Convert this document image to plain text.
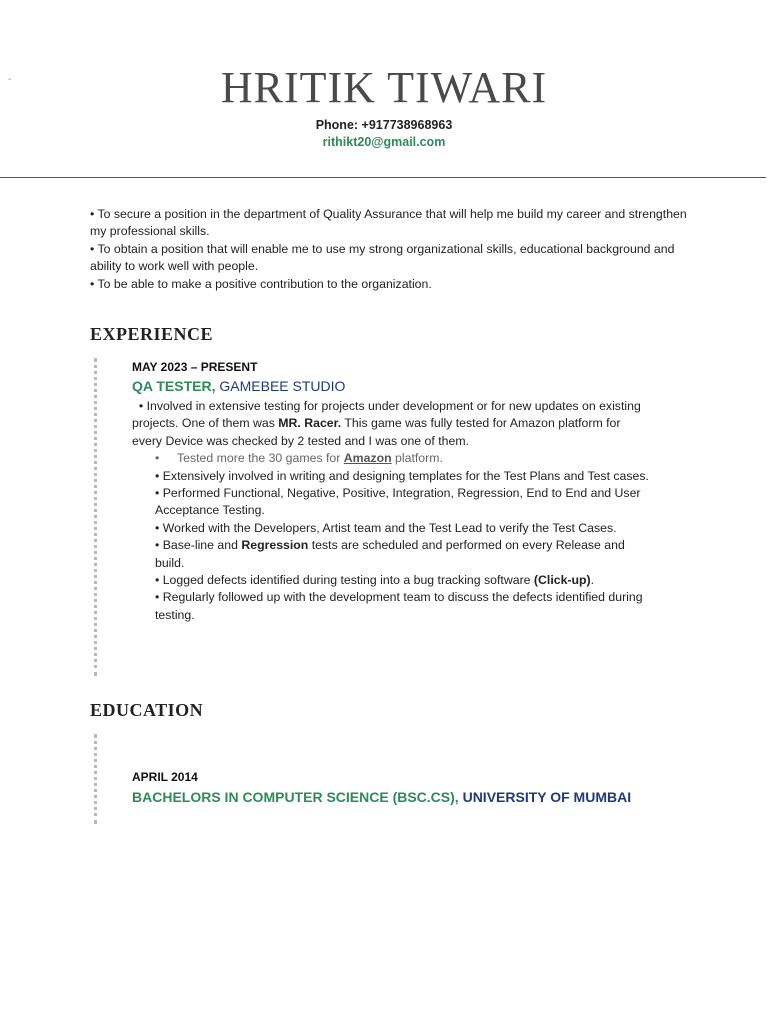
-	HRITIK TIWARI
Phone: +917738968963
rithikt20@gmail.com
• To secure a position in the department of Quality Assurance that will help me build my career and strengthen my professional skills.
• To obtain a position that will enable me to use my strong organizational skills, educational background and ability to work well with people.
• To be able to make a positive contribution to the organization.
EXPERIENCE
MAY 2023 – PRESENT
QA TESTER, GAMEBEE STUDIO
• Involved in extensive testing for projects under development or for new updates on existing projects. One of them was MR. Racer. This game was fully tested for Amazon platform for every Device was checked by 2 tested and I was one of them.
• Tested more the 30 games for Amazon platform.
• Extensively involved in writing and designing templates for the Test Plans and Test cases.
• Performed Functional, Negative, Positive, Integration, Regression, End to End and User Acceptance Testing.
• Worked with the Developers, Artist team and the Test Lead to verify the Test Cases.
• Base-line and Regression tests are scheduled and performed on every Release and build.
• Logged defects identified during testing into a bug tracking software (Click-up).
• Regularly followed up with the development team to discuss the defects identified during testing.
EDUCATION
APRIL 2014
BACHELORS IN COMPUTER SCIENCE (BSC.CS), UNIVERSITY OF MUMBAI
